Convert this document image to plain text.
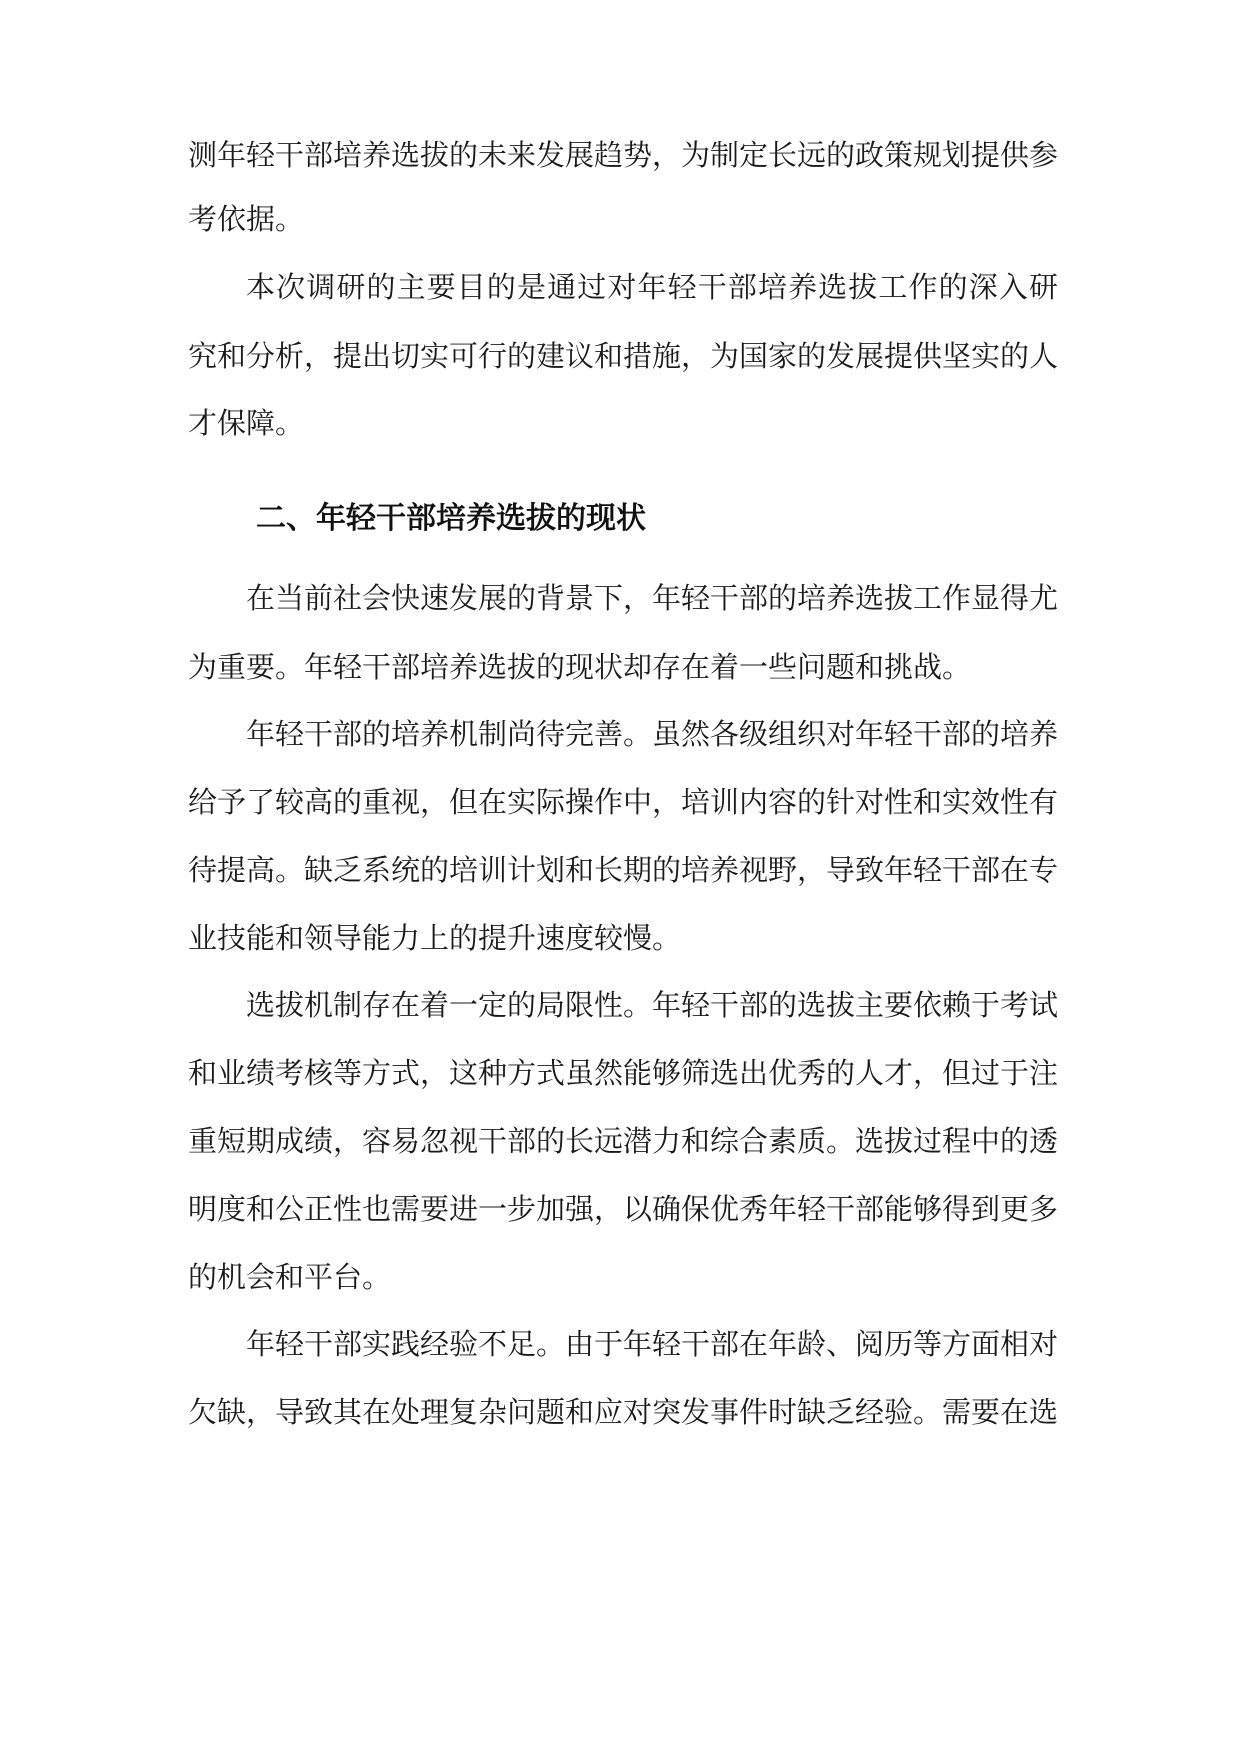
测年轻干部培养选拔的未来发展趋势，为制定长远的政策规划提供参

考依据。

本次调研的主要目的是通过对年轻干部培养选拔工作的深入研

究和分析，提出切实可行的建议和措施，为国家的发展提供坚实的人

才保障。

二、年轻干部培养选拔的现状

在当前社会快速发展的背景下，年轻干部的培养选拔工作显得尤

为重要。年轻干部培养选拔的现状却存在着一些问题和挑战。

年轻干部的培养机制尚待完善。虽然各级组织对年轻干部的培养

给予了较高的重视，但在实际操作中，培训内容的针对性和实效性有

待提高。缺乏系统的培训计划和长期的培养视野，导致年轻干部在专

业技能和领导能力上的提升速度较慢。

选拔机制存在着一定的局限性。年轻干部的选拔主要依赖于考试

和业绩考核等方式，这种方式虽然能够筛选出优秀的人才，但过于注

重短期成绩，容易忽视干部的长远潜力和综合素质。选拔过程中的透

明度和公正性也需要进一步加强，以确保优秀年轻干部能够得到更多

的机会和平台。

年轻干部实践经验不足。由于年轻干部在年龄、阅历等方面相对

欠缺，导致其在处理复杂问题和应对突发事件时缺乏经验。需要在选
